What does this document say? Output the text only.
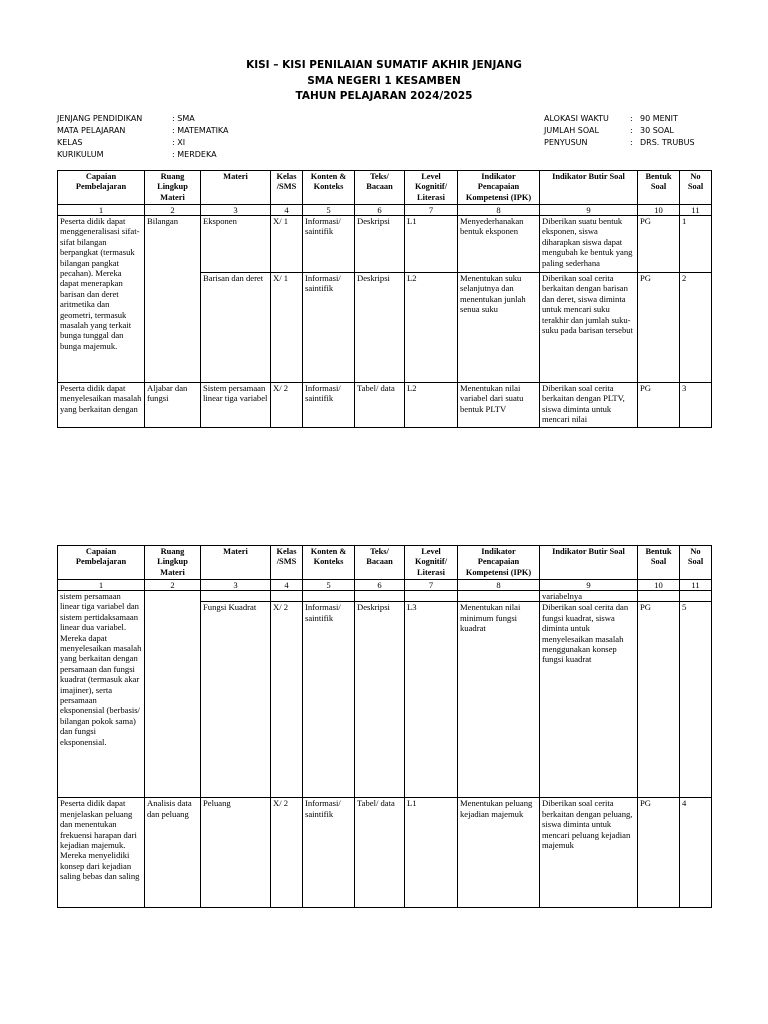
KISI – KISI PENILAIAN SUMATIF AKHIR JENJANG
SMA NEGERI 1 KESAMBEN
TAHUN PELAJARAN 2024/2025
JENJANG PENDIDIKAN	: SMA
MATA PELAJARAN	: MATEMATIKA
KELAS	: XI
KURIKULUM	: MERDEKA
ALOKASI WAKTU	: 90 MENIT
JUMLAH SOAL	: 30 SOAL
PENYUSUN	: DRS. TRUBUS
Capaian Pembelajaran	Ruang Lingkup Materi	Materi	Kelas /SMS	Konten & Konteks	Teks/ Bacaan	Level Kognitif/ Literasi	Indikator Pencapaian Kompetensi (IPK)	Indikator Butir Soal	Bentuk Soal	No Soal
1	2	3	4	5	6	7	8	9	10	11
Peserta didik dapat menggeneralisasi sifat-sifat bilangan berpangkat (termasuk bilangan pangkat pecahan). Mereka dapat menerapkan barisan dan deret aritmetika dan geometri, termasuk masalah yang terkait bunga tunggal dan bunga majemuk.	Bilangan	Eksponen	X/ 1	Informasi/ saintifik	Deskripsi	L1	Menyederhanakan bentuk eksponen	Diberikan suatu bentuk eksponen, siswa diharapkan siswa dapat mengubah ke bentuk yang paling sederhana	PG	1
		Barisan dan deret	X/ 1	Informasi/ saintifik	Deskripsi	L2	Menentukan suku selanjutnya dan menentukan junlah senua suku	Diberikan soal cerita berkaitan dengan barisan dan deret, siswa diminta untuk mencari suku terakhir dan jumlah suku-suku pada barisan tersebut	PG	2
Peserta didik dapat menyelesaikan masalah yang berkaitan dengan	Aljabar dan fungsi	Sistem persamaan linear tiga variabel	X/ 2	Informasi/ saintifik	Tabel/ data	L2	Menentukan nilai variabel dari suatu bentuk PLTV	Diberikan soal cerita berkaitan dengan PLTV, siswa diminta untuk mencari nilai	PG	3
Capaian Pembelajaran	Ruang Lingkup Materi	Materi	Kelas /SMS	Konten & Konteks	Teks/ Bacaan	Level Kognitif/ Literasi	Indikator Pencapaian Kompetensi (IPK)	Indikator Butir Soal	Bentuk Soal	No Soal
1	2	3	4	5	6	7	8	9	10	11
sistem persamaan linear tiga variabel dan sistem pertidaksamaan linear dua variabel. Mereka dapat menyelesaikan masalah yang berkaitan dengan persamaan dan fungsi kuadrat (termasuk akar imajiner), serta persamaan eksponensial (berbasis/ bilangan pokok sama) dan fungsi eksponensial.								variabelnya		
		Fungsi Kuadrat	X/ 2	Informasi/ saintifik	Deskripsi	L3	Menentukan nilai minimum fungsi kuadrat	Diberikan soal cerita dan fungsi kuadrat, siswa diminta untuk menyelesaikan masalah menggunakan konsep fungsi kuadrat	PG	5
Peserta didik dapat menjelaskan peluang dan menentukan frekuensi harapan dari kejadian majemuk. Mereka menyelidiki konsep dari kejadian saling bebas dan saling	Analisis data dan peluang	Peluang	X/ 2	Informasi/ saintifik	Tabel/ data	L1	Menentukan peluang kejadian majemuk	Diberikan soal cerita berkaitan dengan peluang, siswa diminta untuk mencari peluang kejadian majemuk	PG	4
